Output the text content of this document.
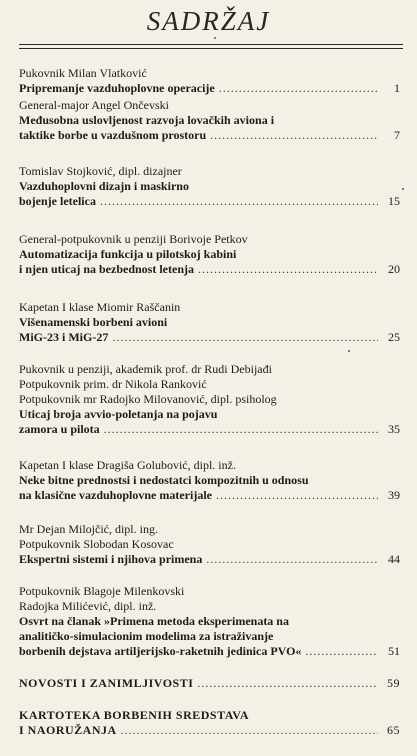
SADRŽAJ
Pukovnik Milan Vlatković
Pripremanje vazduhoplovne operacije .....	1
General-major Angel Ončevski
Međusobna uslovljenost razvoja lovačkih aviona i
taktike borbe u vazdušnom prostoru .....	7
Tomislav Stojković, dipl. dizajner
Vazduhoplovni dizajn i maskirno
bojenje letelica .....	15
General-potpukovnik u penziji Borivoje Petkov
Automatizacija funkcija u pilotskoj kabini
i njen uticaj na bezbednost letenja .....	20
Kapetan I klase Miomir Raščanin
Višenamenski borbeni avioni
MiG-23 i MiG-27 .....	25
Pukovnik u penziji, akademik prof. dr Rudi Debijađi
Potpukovnik prim. dr Nikola Ranković
Potpukovnik mr Radojko Milovanović, dipl. psiholog
Uticaj broja avvio-poletanja na pojavu
zamora u pilota .....	35
Kapetan I klase Dragiša Golubović, dipl. inž.
Neke bitne prednostsi i nedostatci kompozitnih u odnosu
na klasične vazduhoplovne materijale .....	39
Mr Dejan Milojčić, dipl. ing.
Potpukovnik Slobodan Kosovac
Ekspertni sistemi i njihova primena .....	44
Potpukovnik Blagoje Milenkovski
Radojka Milićević, dipl. inž.
Osvrt na članak »Primena metoda eksperimenata na
analitičko-simulacionim modelima za istraživanje
borbenih dejstava artiljerijsko-raketnih jedinica PVO« .....	51
NOVOSTI I ZANIMLJIVOSTI .....	59
KARTOTEKA BORBENIH SREDSTAVA
I NAORUŽANJA .....	65
